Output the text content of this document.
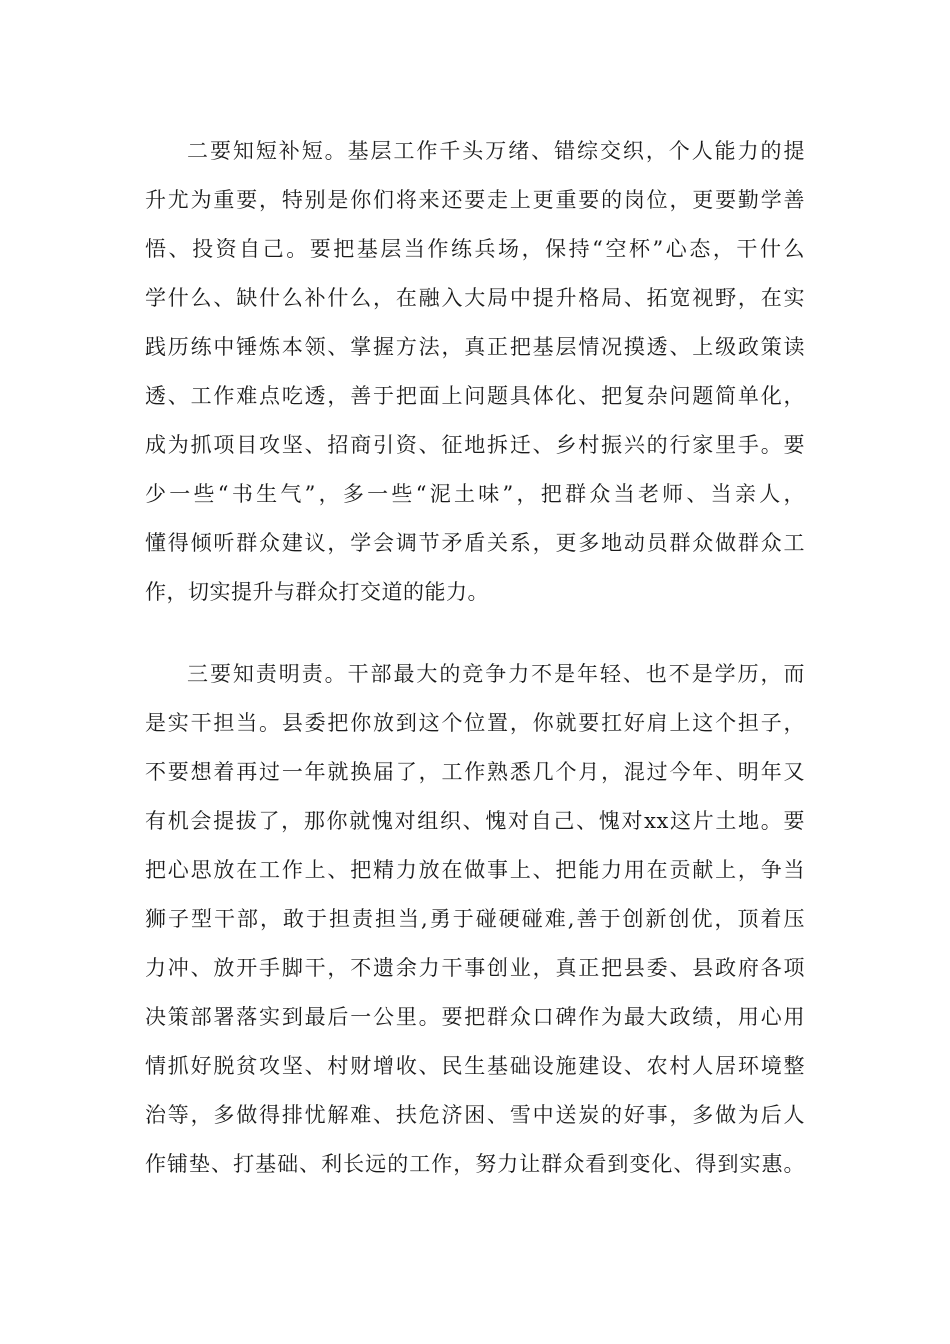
二要知短补短。基层工作千头万绪、错综交织，个人能力的提
升尤为重要，特别是你们将来还要走上更重要的岗位，更要勤学善
悟、投资自己。要把基层当作练兵场，保持“空杯”心态，干什么
学什么、缺什么补什么，在融入大局中提升格局、拓宽视野，在实
践历练中锤炼本领、掌握方法，真正把基层情况摸透、上级政策读
透、工作难点吃透，善于把面上问题具体化、把复杂问题简单化，
成为抓项目攻坚、招商引资、征地拆迁、乡村振兴的行家里手。要
少一些“书生气”，多一些“泥土味”，把群众当老师、当亲人，
懂得倾听群众建议，学会调节矛盾关系，更多地动员群众做群众工
作，切实提升与群众打交道的能力。
三要知责明责。干部最大的竞争力不是年轻、也不是学历，而
是实干担当。县委把你放到这个位置，你就要扛好肩上这个担子，
不要想着再过一年就换届了，工作熟悉几个月，混过今年、明年又
有机会提拔了，那你就愧对组织、愧对自己、愧对xx这片土地。要
把心思放在工作上、把精力放在做事上、把能力用在贡献上，争当
狮子型干部，敢于担责担当,勇于碰硬碰难,善于创新创优，顶着压
力冲、放开手脚干，不遗余力干事创业，真正把县委、县政府各项
决策部署落实到最后一公里。要把群众口碑作为最大政绩，用心用
情抓好脱贫攻坚、村财增收、民生基础设施建设、农村人居环境整
治等，多做得排忧解难、扶危济困、雪中送炭的好事，多做为后人
作铺垫、打基础、利长远的工作，努力让群众看到变化、得到实惠。
